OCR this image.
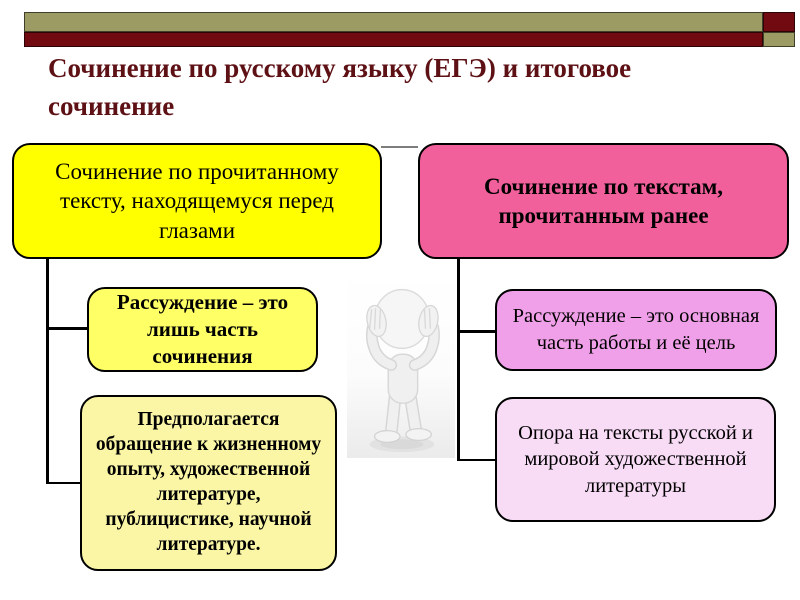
Сочинение по русскому языку (ЕГЭ) и итоговое
сочинение
Сочинение по прочитанному тексту, находящемуся перед глазами
Рассуждение – это лишь часть сочинения
Предполагается обращение к жизненному опыту, художественной литературе, публицистике, научной литературе.
Сочинение по текстам, прочитанным ранее
Рассуждение – это основная часть работы и её цель
Опора на тексты русской и мировой художественной литературы
